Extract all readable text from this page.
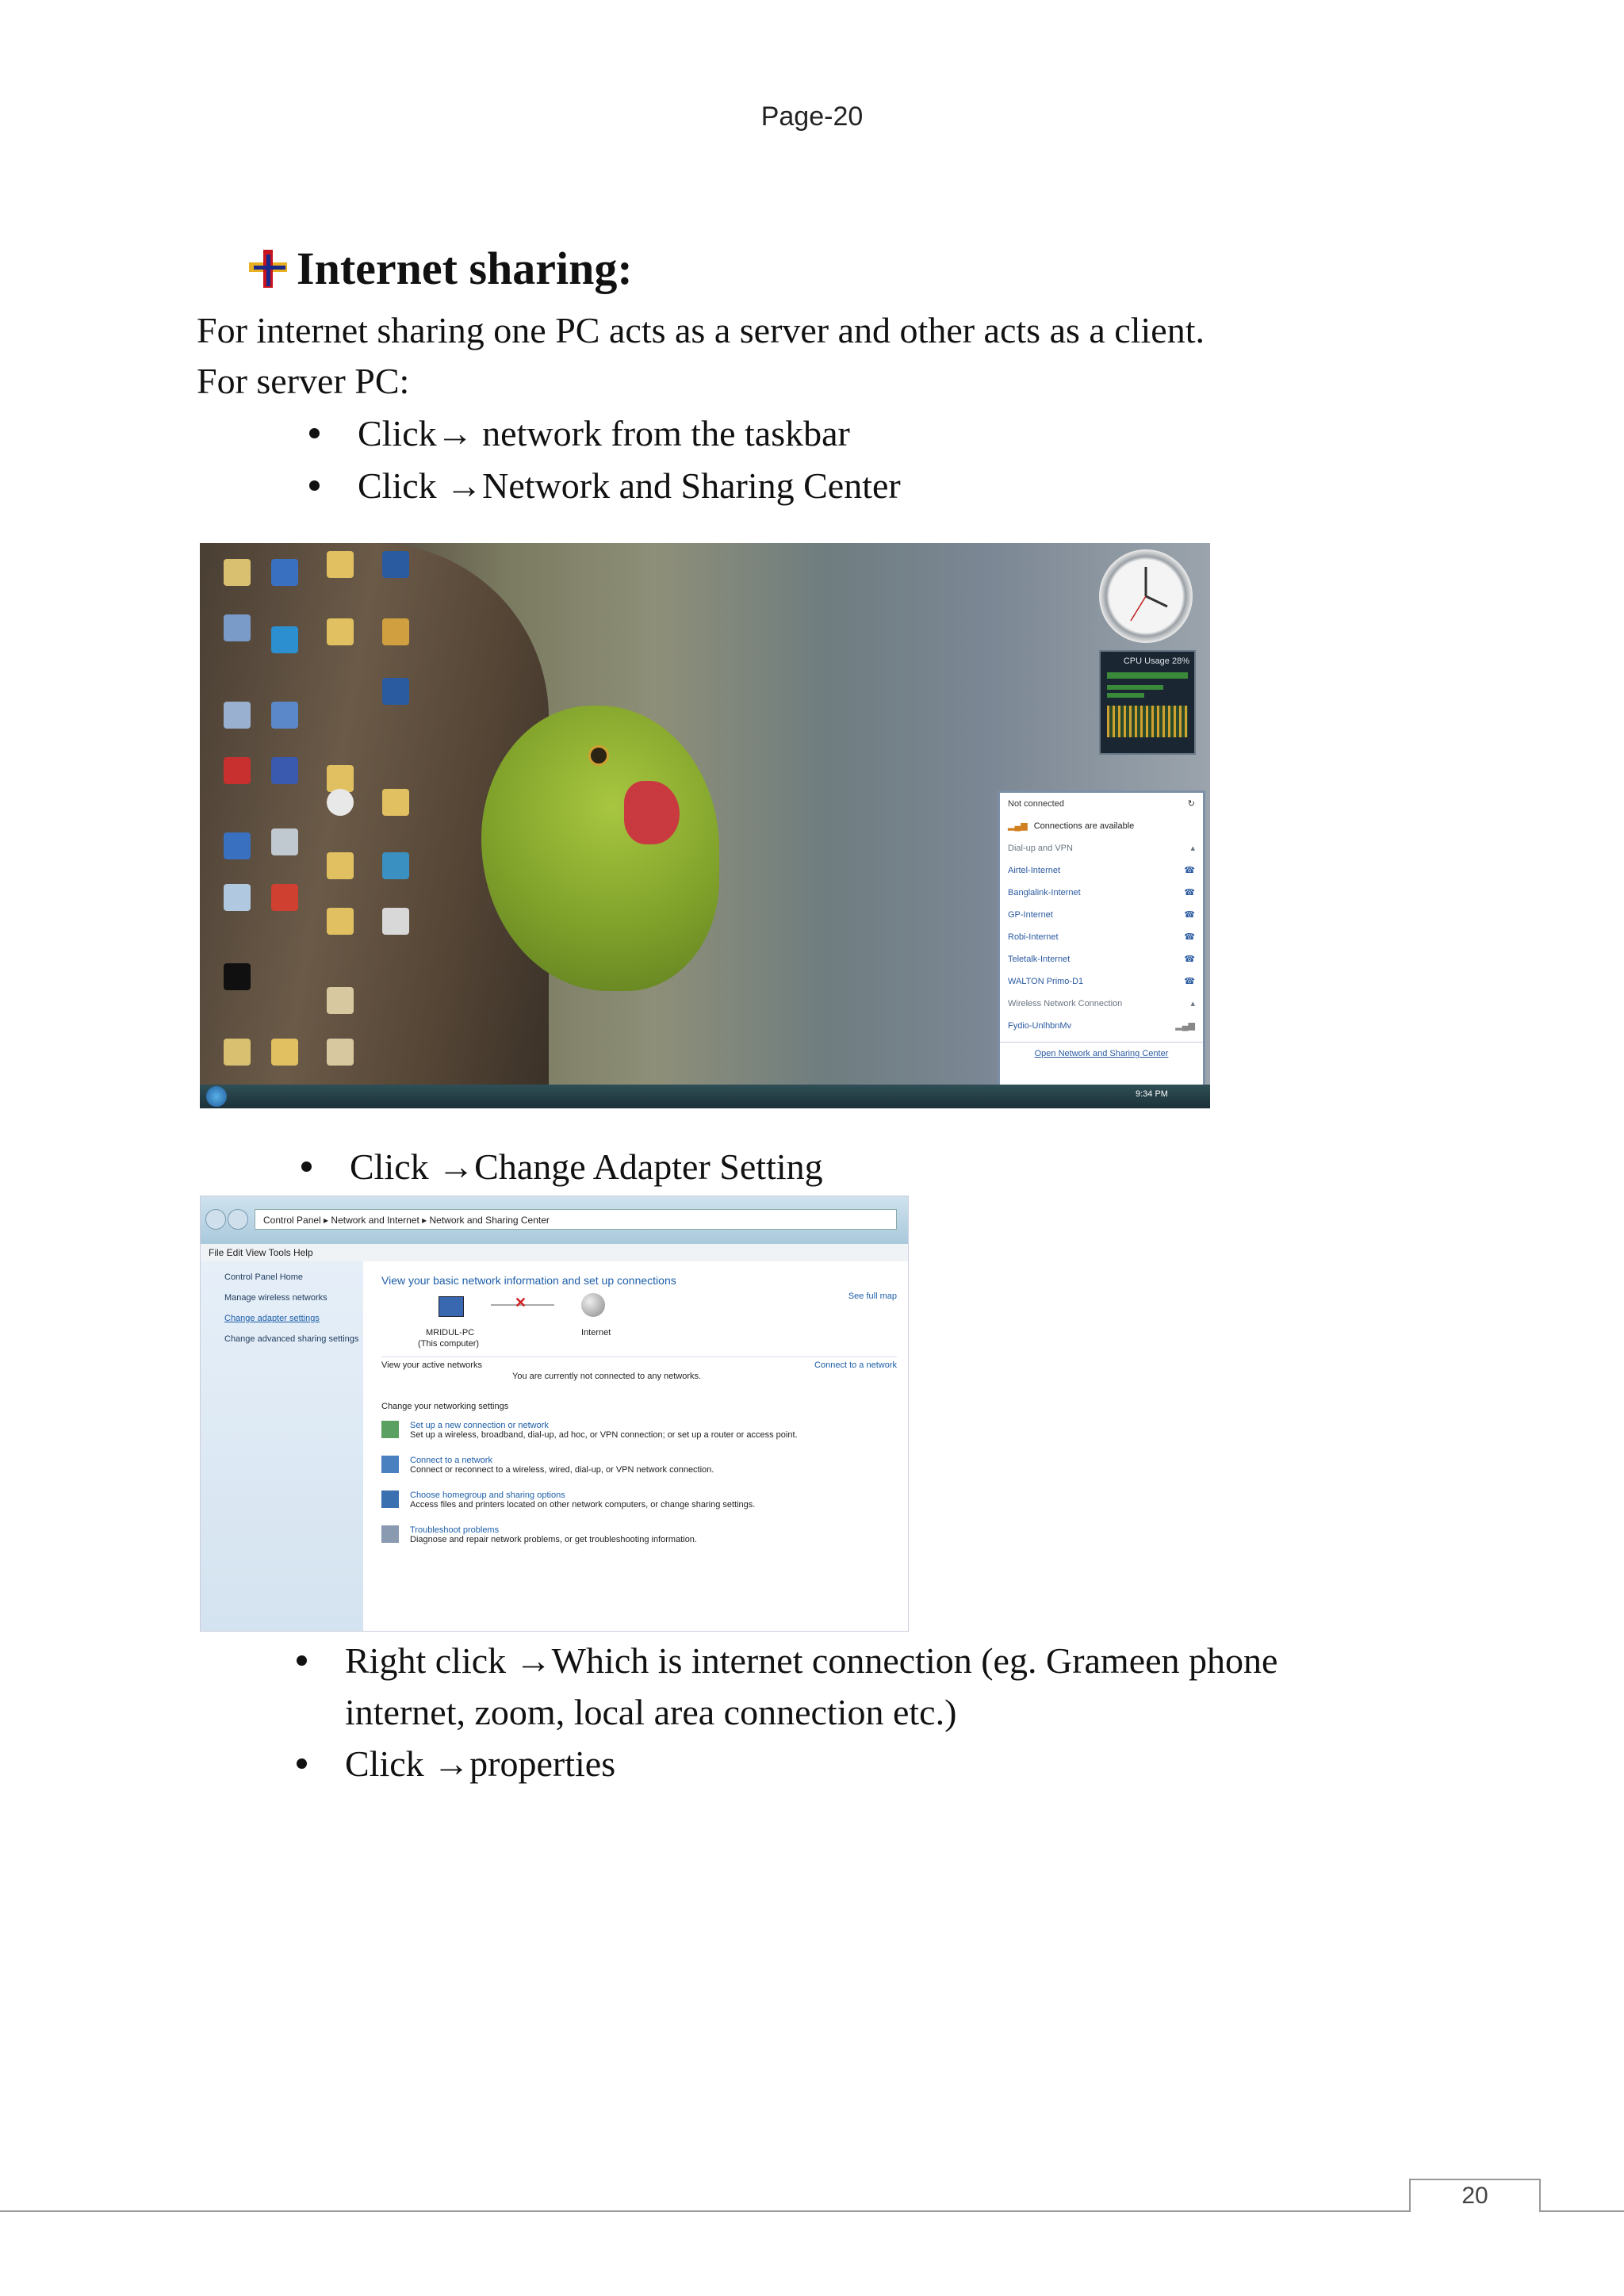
Page-20
Internet sharing:
For internet sharing one PC acts as a server and other acts as a client.
For server PC:
Click→ network from the taskbar
Click →Network and Sharing Center
CPU Usage 28%
Not connected	↻
▂▄▆ Connections are available
Dial-up and VPN	▴
Airtel-Internet	☎
Banglalink-Internet	☎
GP-Internet	☎
Robi-Internet	☎
Teletalk-Internet	☎
WALTON Primo-D1	☎
Wireless Network Connection	▴
Fydio-UnlhbnMv	▂▄▆
Open Network and Sharing Center
9:34 PM
Click →Change Adapter Setting
Control Panel ▸ Network and Internet ▸ Network and Sharing Center
File Edit View Tools Help
Control Panel Home
Manage wireless networks
Change adapter settings
Change advanced sharing settings
View your basic network information and set up connections
See full map
✕
MRIDUL-PC
(This computer)
Internet
View your active networks	Connect to a network
You are currently not connected to any networks.
Change your networking settings
Set up a new connection or network
Set up a wireless, broadband, dial-up, ad hoc, or VPN connection; or set up a router or access point.
Connect to a network
Connect or reconnect to a wireless, wired, dial-up, or VPN network connection.
Choose homegroup and sharing options
Access files and printers located on other network computers, or change sharing settings.
Troubleshoot problems
Diagnose and repair network problems, or get troubleshooting information.
Right click →Which is internet connection (eg. Grameen phone
internet, zoom, local area connection etc.)
Click →properties
20
